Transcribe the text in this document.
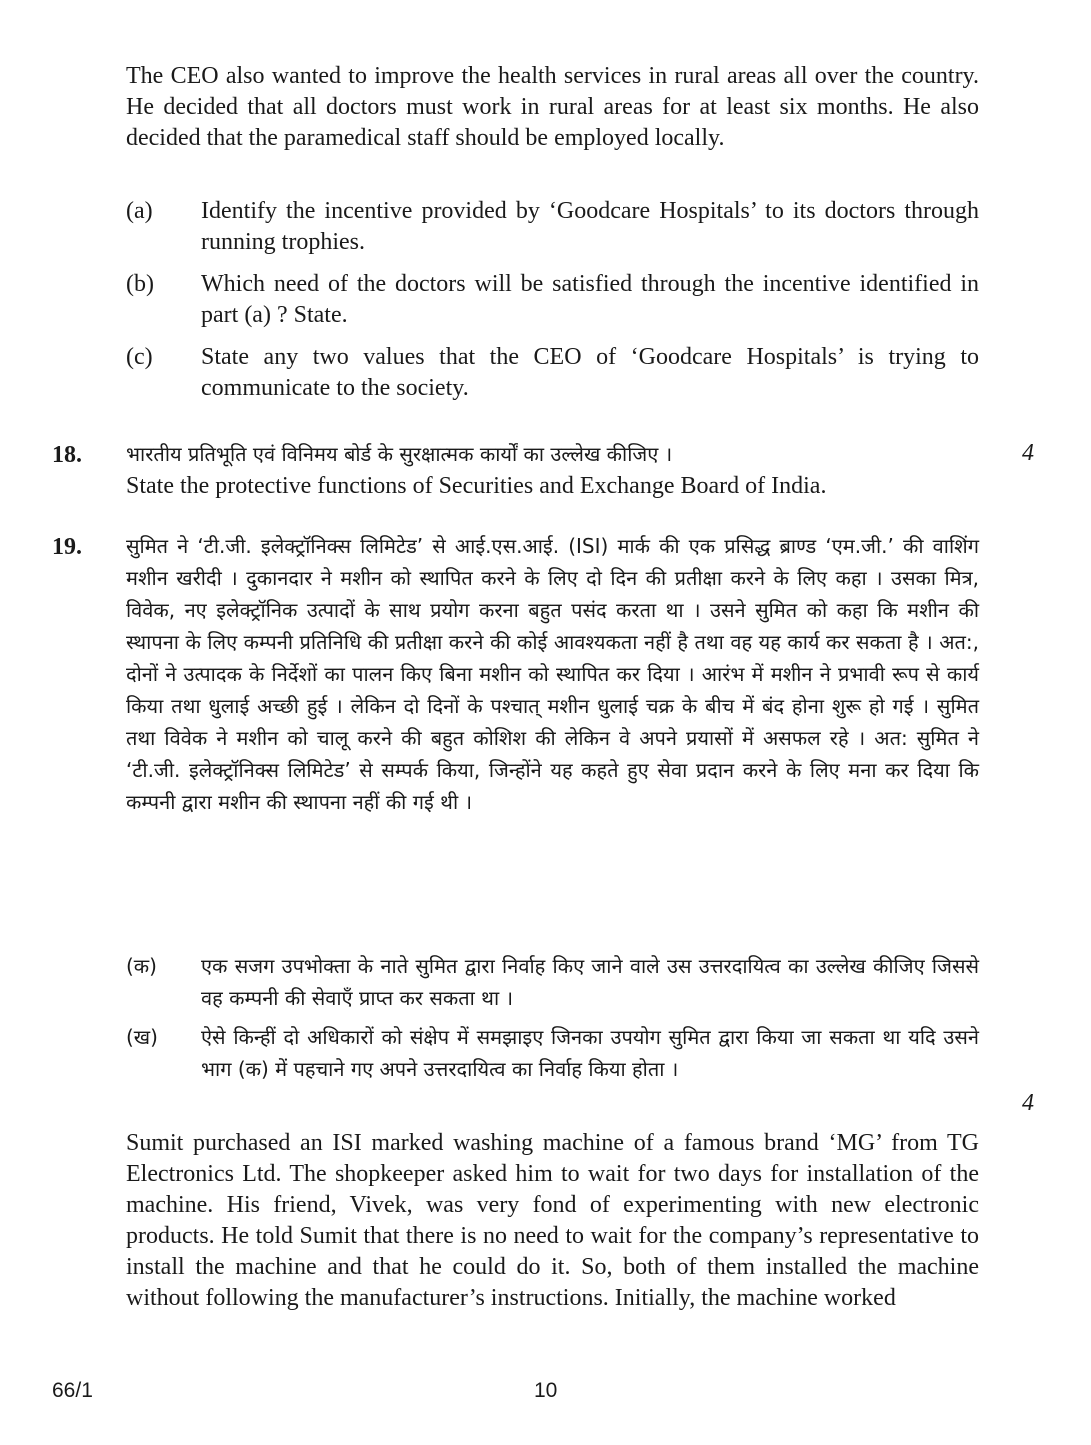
The CEO also wanted to improve the health services in rural areas all over the country. He decided that all doctors must work in rural areas for at least six months. He also decided that the paramedical staff should be employed locally.

(a) Identify the incentive provided by ‘Goodcare Hospitals’ to its doctors through running trophies.
(b) Which need of the doctors will be satisfied through the incentive identified in part (a) ? State.
(c) State any two values that the CEO of ‘Goodcare Hospitals’ is trying to communicate to the society.
18. भारतीय प्रतिभूति एवं विनिमय बोर्ड के सुरक्षात्मक कार्यों का उल्लेख कीजिए ।

State the protective functions of Securities and Exchange Board of India.

4
19. सुमित ने ‘टी.जी. इलेक्ट्रॉनिक्स लिमिटेड’ से आई.एस.आई. (ISI) मार्क की एक प्रसिद्ध ब्राण्ड ‘एम.जी.’ की वाशिंग मशीन खरीदी । दुकानदार ने मशीन को स्थापित करने के लिए दो दिन की प्रतीक्षा करने के लिए कहा । उसका मित्र, विवेक, नए इलेक्ट्रॉनिक उत्पादों के साथ प्रयोग करना बहुत पसंद करता था । उसने सुमित को कहा कि मशीन की स्थापना के लिए कम्पनी प्रतिनिधि की प्रतीक्षा करने की कोई आवश्यकता नहीं है तथा वह यह कार्य कर सकता है । अत:, दोनों ने उत्पादक के निर्देशों का पालन किए बिना मशीन को स्थापित कर दिया । आरंभ में मशीन ने प्रभावी रूप से कार्य किया तथा धुलाई अच्छी हुई । लेकिन दो दिनों के पश्चात् मशीन धुलाई चक्र के बीच में बंद होना शुरू हो गई । सुमित तथा विवेक ने मशीन को चालू करने की बहुत कोशिश की लेकिन वे अपने प्रयासों में असफल रहे । अत: सुमित ने ‘टी.जी. इलेक्ट्रॉनिक्स लिमिटेड’ से सम्पर्क किया, जिन्होंने यह कहते हुए सेवा प्रदान करने के लिए मना कर दिया कि कम्पनी द्वारा मशीन की स्थापना नहीं की गई थी ।

(क) एक सजग उपभोक्ता के नाते सुमित द्वारा निर्वाह किए जाने वाले उस उत्तरदायित्व का उल्लेख कीजिए जिससे वह कम्पनी की सेवाएँ प्राप्त कर सकता था ।
(ख) ऐसे किन्हीं दो अधिकारों को संक्षेप में समझाइए जिनका उपयोग सुमित द्वारा किया जा सकता था यदि उसने भाग (क) में पहचाने गए अपने उत्तरदायित्व का निर्वाह किया होता ।
4

Sumit purchased an ISI marked washing machine of a famous brand ‘MG’ from TG Electronics Ltd. The shopkeeper asked him to wait for two days for installation of the machine. His friend, Vivek, was very fond of experimenting with new electronic products. He told Sumit that there is no need to wait for the company’s representative to install the machine and that he could do it. So, both of them installed the machine without following the manufacturer’s instructions. Initially, the machine worked

66/1	10
